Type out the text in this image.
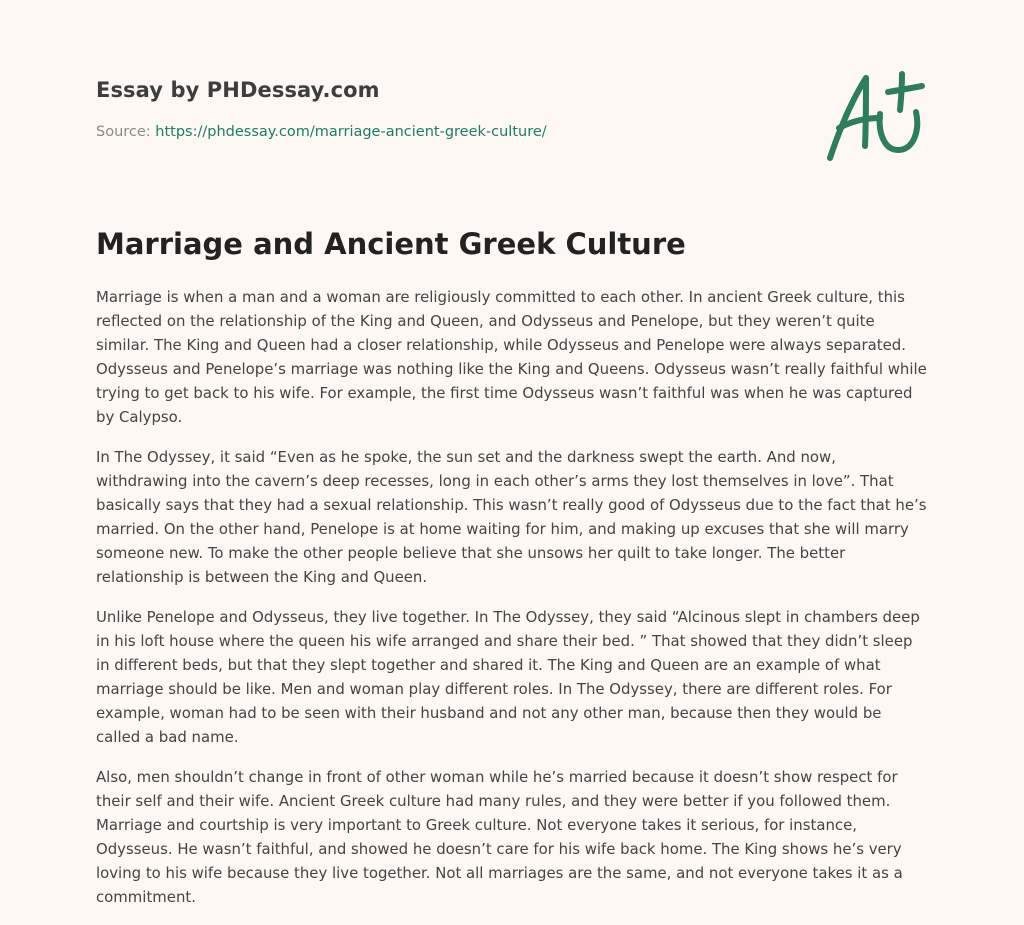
Essay by PHDessay.com
Source: https://phdessay.com/marriage-ancient-greek-culture/
Marriage and Ancient Greek Culture

Marriage is when a man and a woman are religiously committed to each other. In ancient Greek culture, this reflected on the relationship of the King and Queen, and Odysseus and Penelope, but they weren’t quite similar. The King and Queen had a closer relationship, while Odysseus and Penelope were always separated. Odysseus and Penelope’s marriage was nothing like the King and Queens. Odysseus wasn’t really faithful while trying to get back to his wife. For example, the first time Odysseus wasn’t faithful was when he was captured by Calypso.

In The Odyssey, it said “Even as he spoke, the sun set and the darkness swept the earth. And now, withdrawing into the cavern’s deep recesses, long in each other’s arms they lost themselves in love”. That basically says that they had a sexual relationship. This wasn’t really good of Odysseus due to the fact that he’s married. On the other hand, Penelope is at home waiting for him, and making up excuses that she will marry someone new. To make the other people believe that she unsows her quilt to take longer. The better relationship is between the King and Queen.

Unlike Penelope and Odysseus, they live together. In The Odyssey, they said “Alcinous slept in chambers deep in his loft house where the queen his wife arranged and share their bed. ” That showed that they didn’t sleep in different beds, but that they slept together and shared it. The King and Queen are an example of what marriage should be like. Men and woman play different roles. In The Odyssey, there are different roles. For example, woman had to be seen with their husband and not any other man, because then they would be called a bad name.

Also, men shouldn’t change in front of other woman while he’s married because it doesn’t show respect for their self and their wife. Ancient Greek culture had many rules, and they were better if you followed them. Marriage and courtship is very important to Greek culture. Not everyone takes it serious, for instance, Odysseus. He wasn’t faithful, and showed he doesn’t care for his wife back home. The King shows he’s very loving to his wife because they live together. Not all marriages are the same, and not everyone takes it as a commitment.
